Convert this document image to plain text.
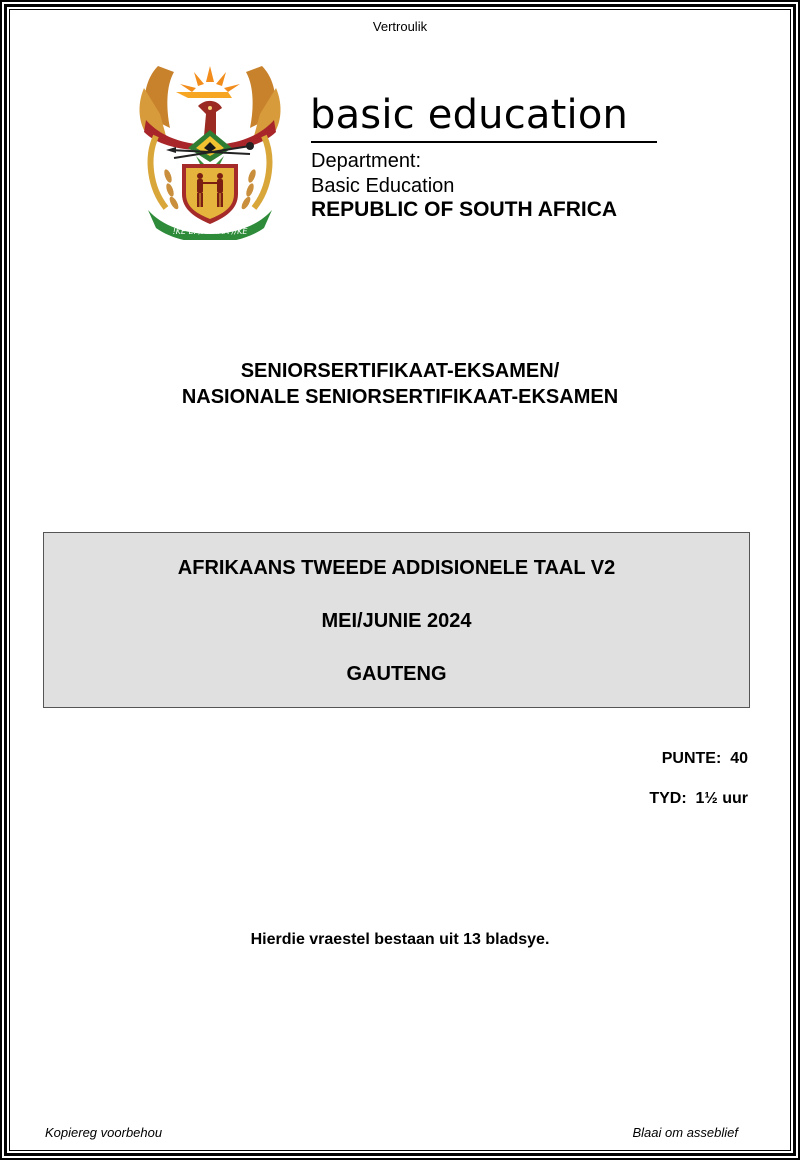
Vertroulik
!KE E: /XARRA //KE
basic education
Department:
Basic Education
REPUBLIC OF SOUTH AFRICA
SENIORSERTIFIKAAT-EKSAMEN/
NASIONALE SENIORSERTIFIKAAT-EKSAMEN
AFRIKAANS TWEEDE ADDISIONELE TAAL V2
MEI/JUNIE 2024
GAUTENG
PUNTE:  40
TYD:  1½ uur
Hierdie vraestel bestaan uit 13 bladsye.
Kopiereg voorbehou	Blaai om asseblief
